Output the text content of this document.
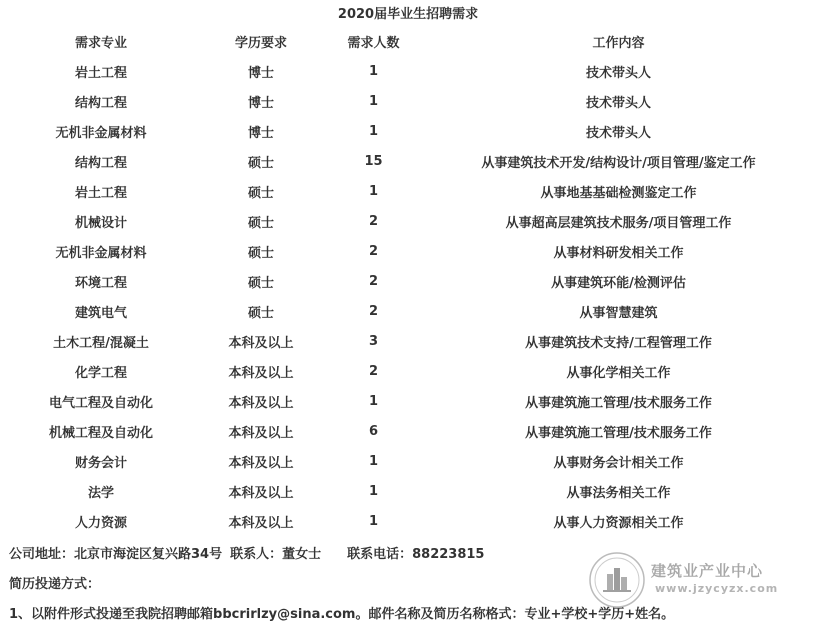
2020届毕业生招聘需求
需求专业	学历要求	需求人数	工作内容
岩土工程	博士	1	技术带头人
结构工程	博士	1	技术带头人
无机非金属材料	博士	1	技术带头人
结构工程	硕士	15	从事建筑技术开发/结构设计/项目管理/鉴定工作
岩土工程	硕士	1	从事地基基础检测鉴定工作
机械设计	硕士	2	从事超高层建筑技术服务/项目管理工作
无机非金属材料	硕士	2	从事材料研发相关工作
环境工程	硕士	2	从事建筑环能/检测评估
建筑电气	硕士	2	从事智慧建筑
土木工程/混凝土	本科及以上	3	从事建筑技术支持/工程管理工作
化学工程	本科及以上	2	从事化学相关工作
电气工程及自动化	本科及以上	1	从事建筑施工管理/技术服务工作
机械工程及自动化	本科及以上	6	从事建筑施工管理/技术服务工作
财务会计	本科及以上	1	从事财务会计相关工作
法学	本科及以上	1	从事法务相关工作
人力资源	本科及以上	1	从事人力资源相关工作
公司地址：北京市海淀区复兴路34号 联系人：董女士 联系电话：88223815
简历投递方式：
1、以附件形式投递至我院招聘邮箱bbcrirlzy@sina.com。邮件名称及简历名称格式：专业+学校+学历+姓名。
建筑业产业中心
www.jzycyzx.com
